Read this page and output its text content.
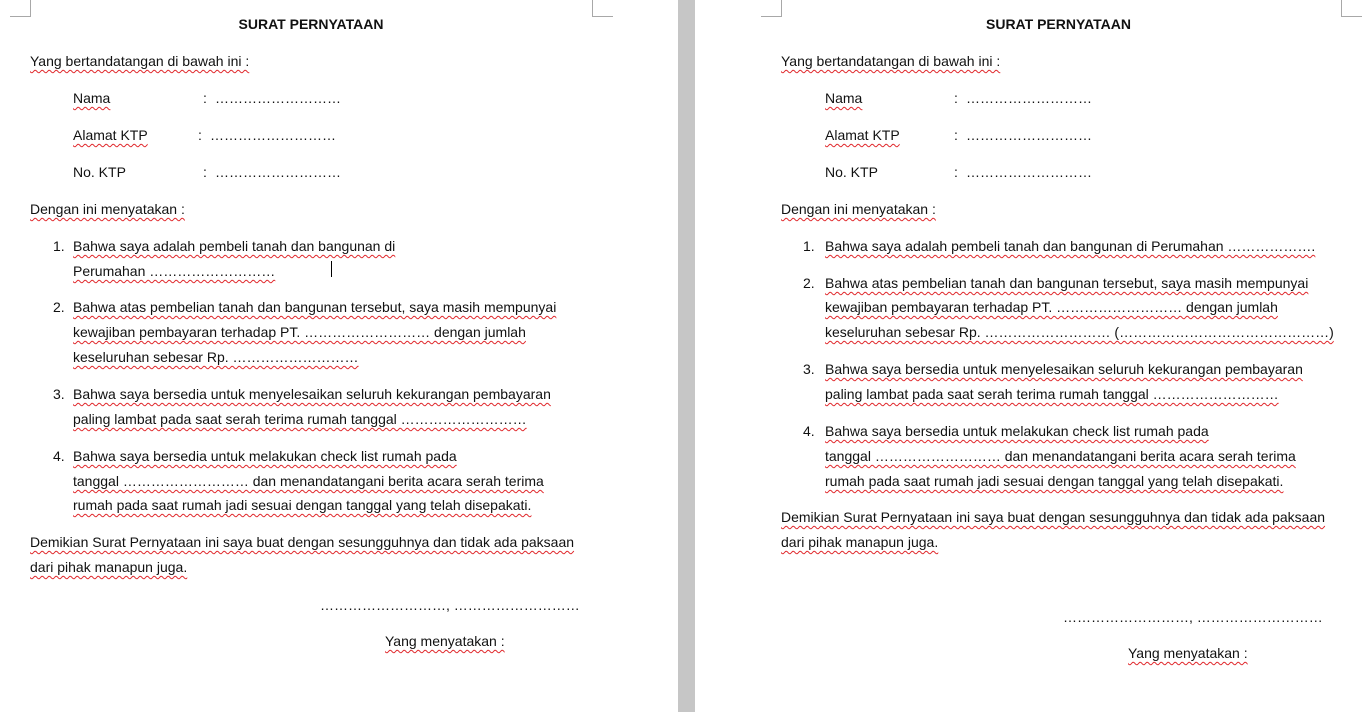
SURAT PERNYATAAN
Yang bertandatangan di bawah ini :
Nama	: ………………………
Alamat KTP	: ………………………
No. KTP	: ………………………
Dengan ini menyatakan :
1. Bahwa saya adalah pembeli tanah dan bangunan di
Perumahan ………………………
2. Bahwa atas pembelian tanah dan bangunan tersebut, saya masih mempunyai
kewajiban pembayaran terhadap PT. ……………………… dengan jumlah
keseluruhan sebesar Rp. ………………………
3. Bahwa saya bersedia untuk menyelesaikan seluruh kekurangan pembayaran
paling lambat pada saat serah terima rumah tanggal ………………………
4. Bahwa saya bersedia untuk melakukan check list rumah pada
tanggal ……………………… dan menandatangani berita acara serah terima
rumah pada saat rumah jadi sesuai dengan tanggal yang telah disepakati.
Demikian Surat Pernyataan ini saya buat dengan sesungguhnya dan tidak ada paksaan
dari pihak manapun juga.
………………………, ………………………
Yang menyatakan :
SURAT PERNYATAAN
Yang bertandatangan di bawah ini :
Nama	: ………………………
Alamat KTP	: ………………………
No. KTP	: ………………………
Dengan ini menyatakan :
1. Bahwa saya adalah pembeli tanah dan bangunan di Perumahan ……………….
2. Bahwa atas pembelian tanah dan bangunan tersebut, saya masih mempunyai
kewajiban pembayaran terhadap PT. ……………………… dengan jumlah
keseluruhan sebesar Rp. ……………………… (………………………………………)
3. Bahwa saya bersedia untuk menyelesaikan seluruh kekurangan pembayaran
paling lambat pada saat serah terima rumah tanggal ………………………
4. Bahwa saya bersedia untuk melakukan check list rumah pada
tanggal ……………………… dan menandatangani berita acara serah terima
rumah pada saat rumah jadi sesuai dengan tanggal yang telah disepakati.
Demikian Surat Pernyataan ini saya buat dengan sesungguhnya dan tidak ada paksaan
dari pihak manapun juga.
………………………, ………………………
Yang menyatakan :
